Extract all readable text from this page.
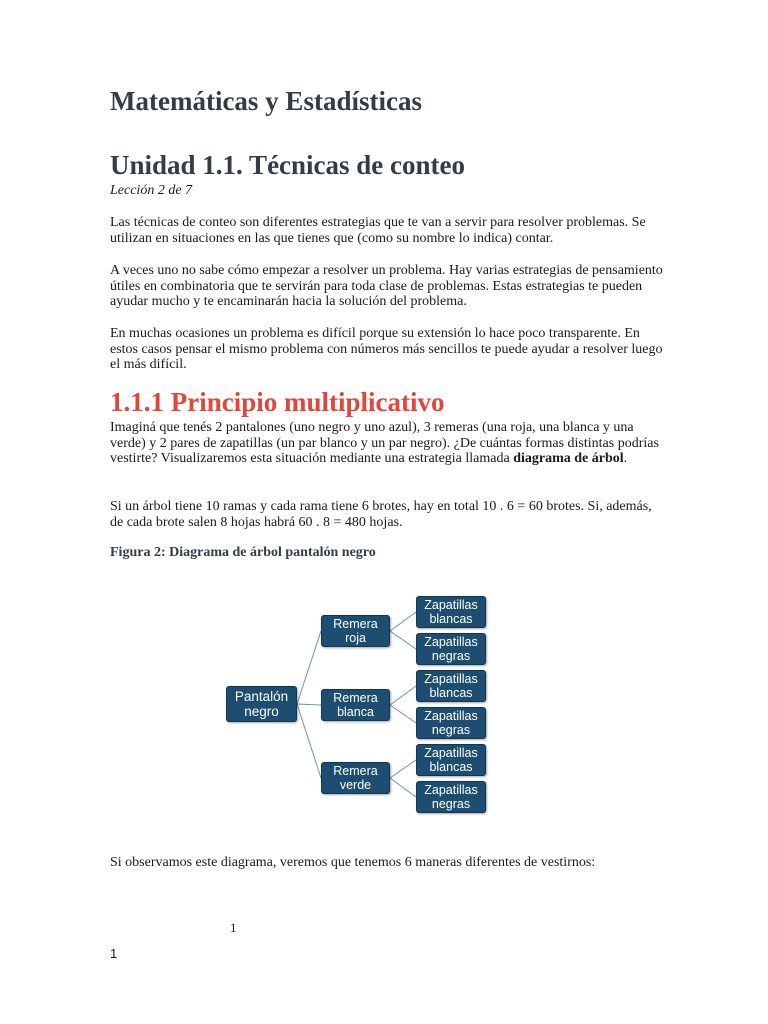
Matemáticas y Estadísticas
Unidad 1.1. Técnicas de conteo

Lección 2 de 7

Las técnicas de conteo son diferentes estrategias que te van a servir para resolver problemas. Se utilizan en situaciones en las que tienes que (como su nombre lo indica) contar.

A veces uno no sabe cómo empezar a resolver un problema. Hay varias estrategias de pensamiento útiles en combinatoria que te servirán para toda clase de problemas. Estas estrategias te pueden ayudar mucho y te encaminarán hacia la solución del problema.

En muchas ocasiones un problema es difícil porque su extensión lo hace poco transparente. En estos casos pensar el mismo problema con números más sencillos te puede ayudar a resolver luego el más difícil.

1.1.1 Principio multiplicativo

Imaginá que tenés 2 pantalones (uno negro y uno azul), 3 remeras (una roja, una blanca y una verde) y 2 pares de zapatillas (un par blanco y un par negro). ¿De cuántas formas distintas podrías vestirte? Visualizaremos esta situación mediante una estrategia llamada diagrama de árbol.

Si un árbol tiene 10 ramas y cada rama tiene 6 brotes, hay en total 10 . 6 = 60 brotes. Si, además, de cada brote salen 8 hojas habrá 60 . 8 = 480 hojas.

Figura 2: Diagrama de árbol pantalón negro

Pantalón
negro
Remera
roja
Remera
blanca
Remera
verde
Zapatillas
blancas
Zapatillas
negras
Zapatillas
blancas
Zapatillas
negras
Zapatillas
blancas
Zapatillas
negras

Si observamos este diagrama, veremos que tenemos 6 maneras diferentes de vestirnos:

1

1
